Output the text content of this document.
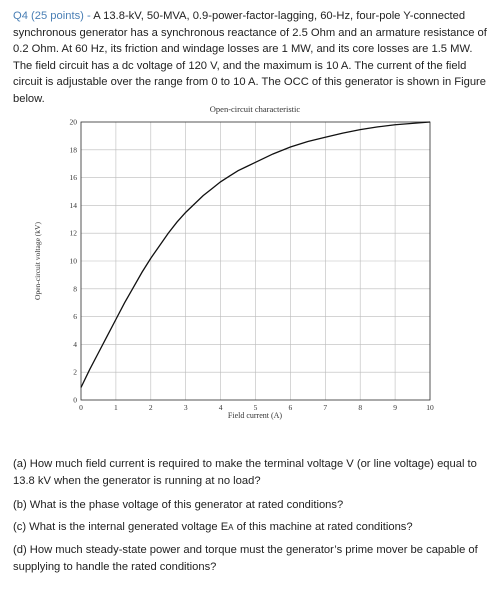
Q4 (25 points) - A 13.8-kV, 50-MVA, 0.9-power-factor-lagging, 60-Hz, four-pole Y-connected synchronous generator has a synchronous reactance of 2.5 Ohm and an armature resistance of 0.2 Ohm. At 60 Hz, its friction and windage losses are 1 MW, and its core losses are 1.5 MW. The field circuit has a dc voltage of 120 V, and the maximum is 10 A. The current of the field circuit is adjustable over the range from 0 to 10 A. The OCC of this generator is shown in Figure below.
Open-circuit characteristic
0	1	2	3	4	5	6	7	8	9	10
0
2
4
6
8
10
12
14
16
18
20
Field current (A)
Open-circuit voltage (kV)
(a) How much field current is required to make the terminal voltage V (or line voltage) equal to 13.8 kV when the generator is running at no load?
(b) What is the phase voltage of this generator at rated conditions?
(c) What is the internal generated voltage EA of this machine at rated conditions?
(d) How much steady-state power and torque must the generator’s prime mover be capable of supplying to handle the rated conditions?
